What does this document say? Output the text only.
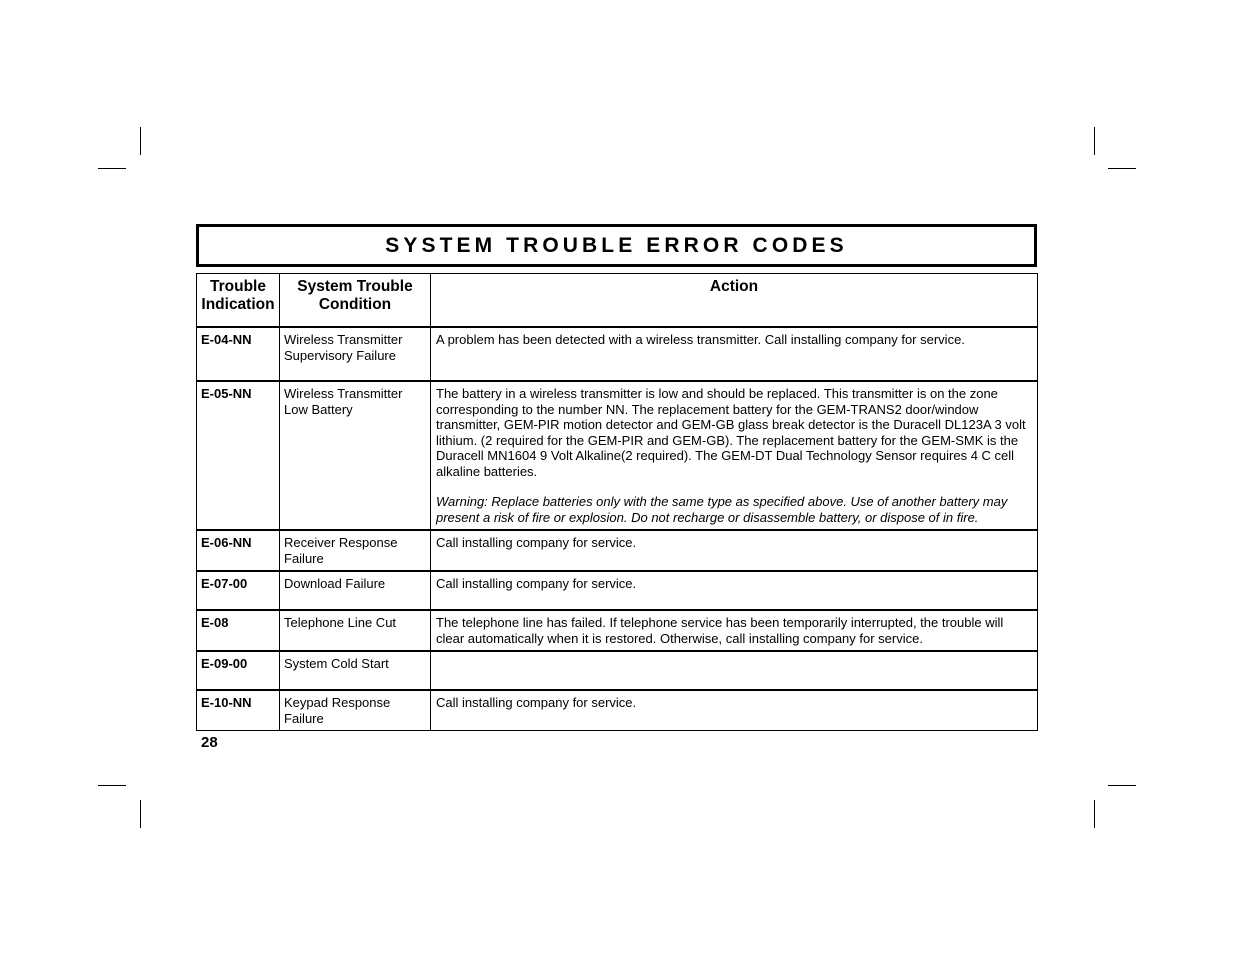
SYSTEM TROUBLE ERROR CODES
Trouble Indication	System Trouble Condition	Action
E-04-NN	Wireless Transmitter Supervisory Failure	A problem has been detected with a wireless transmitter. Call installing company for service.
E-05-NN	Wireless Transmitter Low Battery	The battery in a wireless transmitter is low and should be replaced. This transmitter is on the zone corresponding to the number NN. The replacement battery for the GEM-TRANS2 door/window transmitter, GEM-PIR motion detector and GEM-GB glass break detector is the Duracell DL123A 3 volt lithium. (2 required for the GEM-PIR and GEM-GB). The replacement battery for the GEM-SMK is the Duracell MN1604 9 Volt Alkaline(2 required). The GEM-DT Dual Technology Sensor requires 4 C cell alkaline batteries.
Warning: Replace batteries only with the same type as specified above. Use of another battery may present a risk of fire or explosion. Do not recharge or disassemble battery, or dispose of in fire.

E-06-NN	Receiver Response Failure	Call installing company for service.
E-07-00	Download Failure	Call installing company for service.
E-08	Telephone Line Cut	The telephone line has failed. If telephone service has been temporarily interrupted, the trouble will clear automatically when it is restored. Otherwise, call installing company for service.
E-09-00	System Cold Start	
E-10-NN	Keypad Response Failure	Call installing company for service.
28
